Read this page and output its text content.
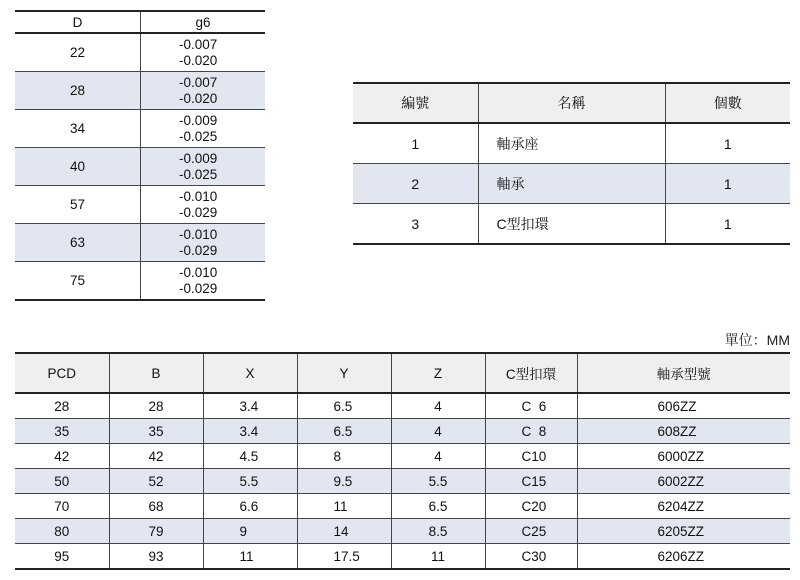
D	g6
22	-0.007
-0.020

28	-0.007
-0.020

34	-0.009
-0.025

40	-0.009
-0.025

57	-0.010
-0.029

63	-0.010
-0.029

75	-0.010
-0.029
編號	名稱	個數
1	軸承座	1
2	軸承	1
3	C型扣環	1
單位：MM
PCD	B	X	Y	Z	C型扣環	軸承型號
28	28	3.4	6.5	4	C  6	606ZZ
35	35	3.4	6.5	4	C  8	608ZZ
42	42	4.5	8	4	C10	6000ZZ
50	52	5.5	9.5	5.5	C15	6002ZZ
70	68	6.6	11	6.5	C20	6204ZZ
80	79	9	14	8.5	C25	6205ZZ
95	93	11	17.5	11	C30	6206ZZ
